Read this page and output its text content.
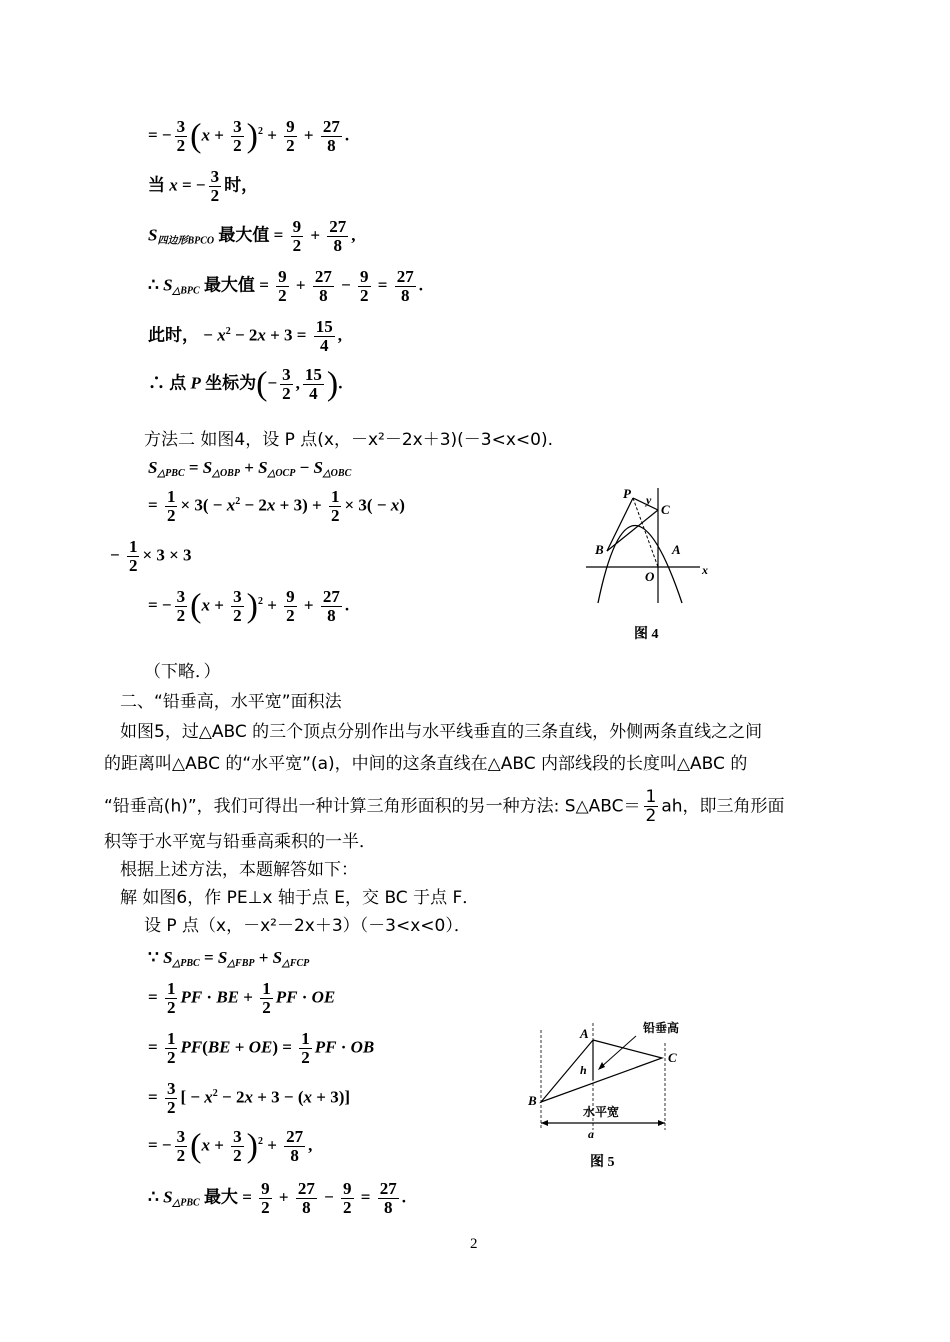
= − $\frac{3}{2} (x + \frac{3}{2} )^2 + \frac{9}{2} + \frac{27}{8}$ .
当 x = − $\frac{3}{2}$ 时，
$S_{四边形BPCO}$ 最大值 = $\frac{9}{2} + \frac{27}{8}$ ,
∴ $S_{\triangle BPC}$ 最大值 = $\frac{9}{2} + \frac{27}{8} - \frac{9}{2} = \frac{27}{8}$ .
此时， − $x^2 - 2x + 3 = \frac{15}{4}$ ,
∴ 点 P 坐标为(− $\frac{3}{2}$ , $\frac{15}{4}$ ).
方法二 如图4，设 P 点(x，－x²－2x＋3)(－3<x<0).
$S_{\triangle PBC} = S_{\triangle OBP} + S_{\triangle OCP} - S_{\triangle OBC}$
= $\frac{1}{2} \times 3( - x^2 - 2x + 3) + \frac{1}{2} \times 3( - x)$
− $\frac{1}{2} \times 3 \times 3$
= − $\frac{3}{2} (x + \frac{3}{2} )^2 + \frac{9}{2} + \frac{27}{8}$ .
y
P
C
B	A
O	x
图 4
（下略．）
二、“铅垂高，水平宽”面积法
如图5，过△ABC 的三个顶点分别作出与水平线垂直的三条直线，外侧两条直线之之间
的距离叫△ABC 的“水平宽”(a)，中间的这条直线在△ABC 内部线段的长度叫△ABC 的
“铅垂高(h)”，我们可得出一种计算三角形面积的另一种方法: S△ABC＝ $\frac{1}{2}$ ah，即三角形面
积等于水平宽与铅垂高乘积的一半．
根据上述方法，本题解答如下：
解 如图6，作 PE⊥x 轴于点 E，交 BC 于点 F．
设 P 点（x，－x²－2x＋3）（－3<x<0）．
∵ $S_{\triangle PBC} = S_{\triangle FBP} + S_{\triangle FCP}$
= $\frac{1}{2}$ PF · BE + $\frac{1}{2}$ PF · OE
= $\frac{1}{2} PF(BE + OE) = \frac{1}{2}$ PF · OB
= $\frac{3}{2}$ [ − $x^2 - 2x + 3 - (x + 3)$]
= − $\frac{3}{2} (x + \frac{3}{2} )^2 + \frac{27}{8}$ ,
∴ $S_{\triangle PBC}$ 最大 = $\frac{9}{2} + \frac{27}{8} - \frac{9}{2} = \frac{27}{8}$ .
铅垂高
A
C
B
h
水平宽
a
图 5
2
